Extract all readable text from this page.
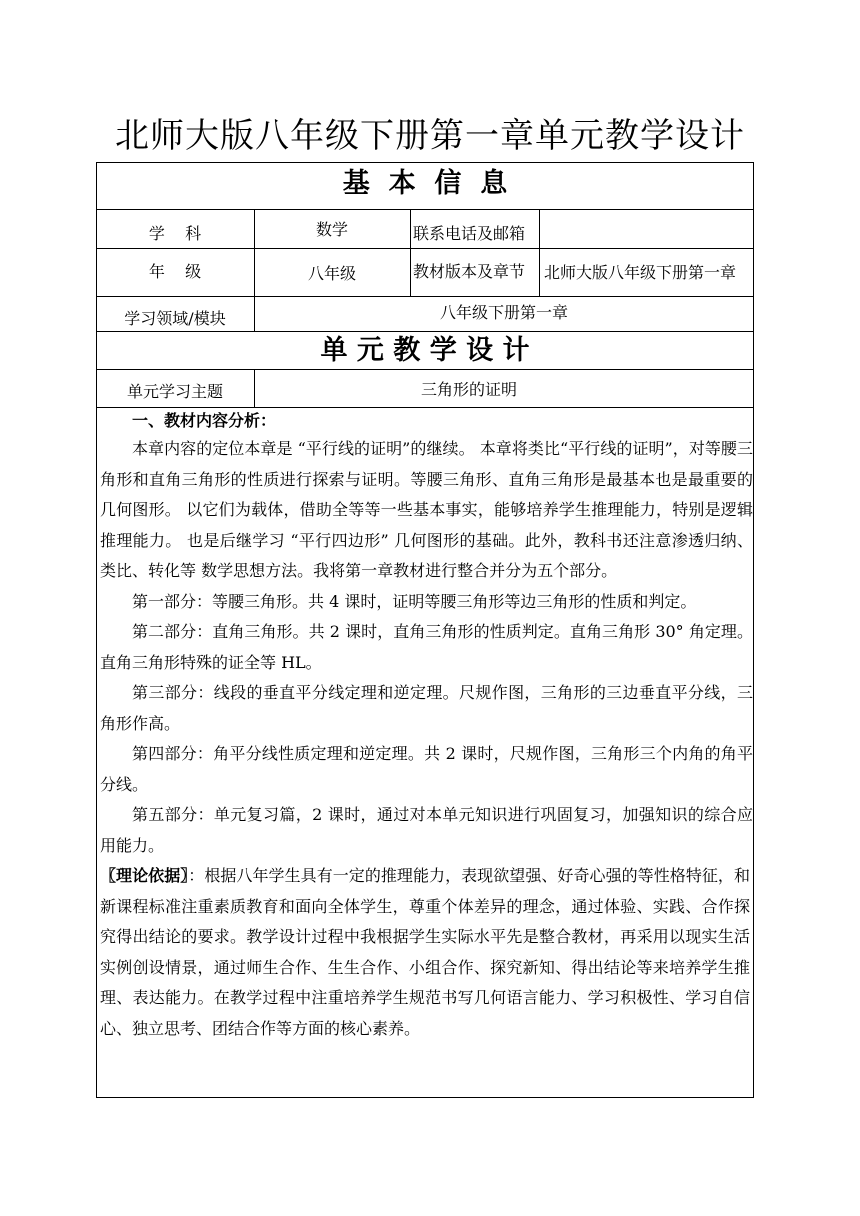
北师大版八年级下册第一章单元教学设计
基  本  信  息
学    科	数学	联系电话及邮箱
年    级	八年级	教材版本及章节 北师大版八年级下册第一章
学习领域/模块	八年级下册第一章
单 元 教 学 设 计
单元学习主题	三角形的证明
一、教材内容分析：

本章内容的定位本章是 “平行线的证明”的继续。 本章将类比“平行线的证明”，对等腰三角形和直角三角形的性质进行探索与证明。等腰三角形、直角三角形是最基本也是最重要的几何图形。 以它们为载体，借助全等等一些基本事实，能够培养学生推理能力，特别是逻辑推理能力。 也是后继学习 “平行四边形” 几何图形的基础。此外，教科书还注意渗透归纳、类比、转化等 数学思想方法。我将第一章教材进行整合并分为五个部分。

第一部分：等腰三角形。共 4 课时，证明等腰三角形等边三角形的性质和判定。

第二部分：直角三角形。共 2 课时，直角三角形的性质判定。直角三角形 30° 角定理。直角三角形特殊的证全等 HL。

第三部分：线段的垂直平分线定理和逆定理。尺规作图，三角形的三边垂直平分线，三角形作高。

第四部分：角平分线性质定理和逆定理。共 2 课时，尺规作图，三角形三个内角的角平分线。

第五部分：单元复习篇，2 课时，通过对本单元知识进行巩固复习，加强知识的综合应用能力。

〖理论依据〗：根据八年学生具有一定的推理能力，表现欲望强、好奇心强的等性格特征，和新课程标准注重素质教育和面向全体学生，尊重个体差异的理念，通过体验、实践、合作探究得出结论的要求。教学设计过程中我根据学生实际水平先是整合教材，再采用以现实生活实例创设情景，通过师生合作、生生合作、小组合作、探究新知、得出结论等来培养学生推理、表达能力。在教学过程中注重培养学生规范书写几何语言能力、学习积极性、学习自信心、独立思考、团结合作等方面的核心素养。
